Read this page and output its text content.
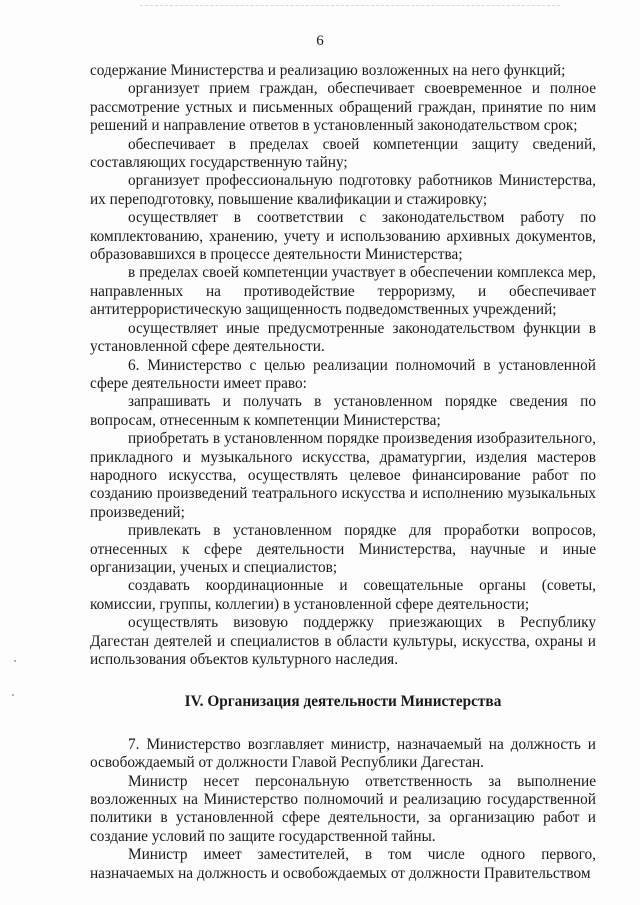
6

содержание Министерства и реализацию возложенных на него функций;

организует прием граждан, обеспечивает своевременное и полное рассмотрение устных и письменных обращений граждан, принятие по ним решений и направление ответов в установленный законодательством срок;

обеспечивает в пределах своей компетенции защиту сведений, составляющих государственную тайну;

организует профессиональную подготовку работников Министерства, их переподготовку, повышение квалификации и стажировку;

осуществляет в соответствии с законодательством работу по комплектованию, хранению, учету и использованию архивных документов, образовавшихся в процессе деятельности Министерства;

в пределах своей компетенции участвует в обеспечении комплекса мер, направленных на противодействие терроризму, и обеспечивает антитеррористическую защищенность подведомственных учреждений;

осуществляет иные предусмотренные законодательством функции в установленной сфере деятельности.

6. Министерство с целью реализации полномочий в установленной сфере деятельности имеет право:

запрашивать и получать в установленном порядке сведения по вопросам, отнесенным к компетенции Министерства;

приобретать в установленном порядке произведения изобразительного, прикладного и музыкального искусства, драматургии, изделия мастеров народного искусства, осуществлять целевое финансирование работ по созданию произведений театрального искусства и исполнению музыкальных произведений;

привлекать в установленном порядке для проработки вопросов, отнесенных к сфере деятельности Министерства, научные и иные организации, ученых и специалистов;

создавать координационные и совещательные органы (советы, комиссии, группы, коллегии) в установленной сфере деятельности;

осуществлять визовую поддержку приезжающих в Республику Дагестан деятелей и специалистов в области культуры, искусства, охраны и использования объектов культурного наследия.

IV. Организация деятельности Министерства

7. Министерство возглавляет министр, назначаемый на должность и освобождаемый от должности Главой Республики Дагестан.

Министр несет персональную ответственность за выполнение возложенных на Министерство полномочий и реализацию государственной политики в установленной сфере деятельности, за организацию работ и создание условий по защите государственной тайны.

Министр имеет заместителей, в том числе одного первого, назначаемых на должность и освобождаемых от должности Правительством
